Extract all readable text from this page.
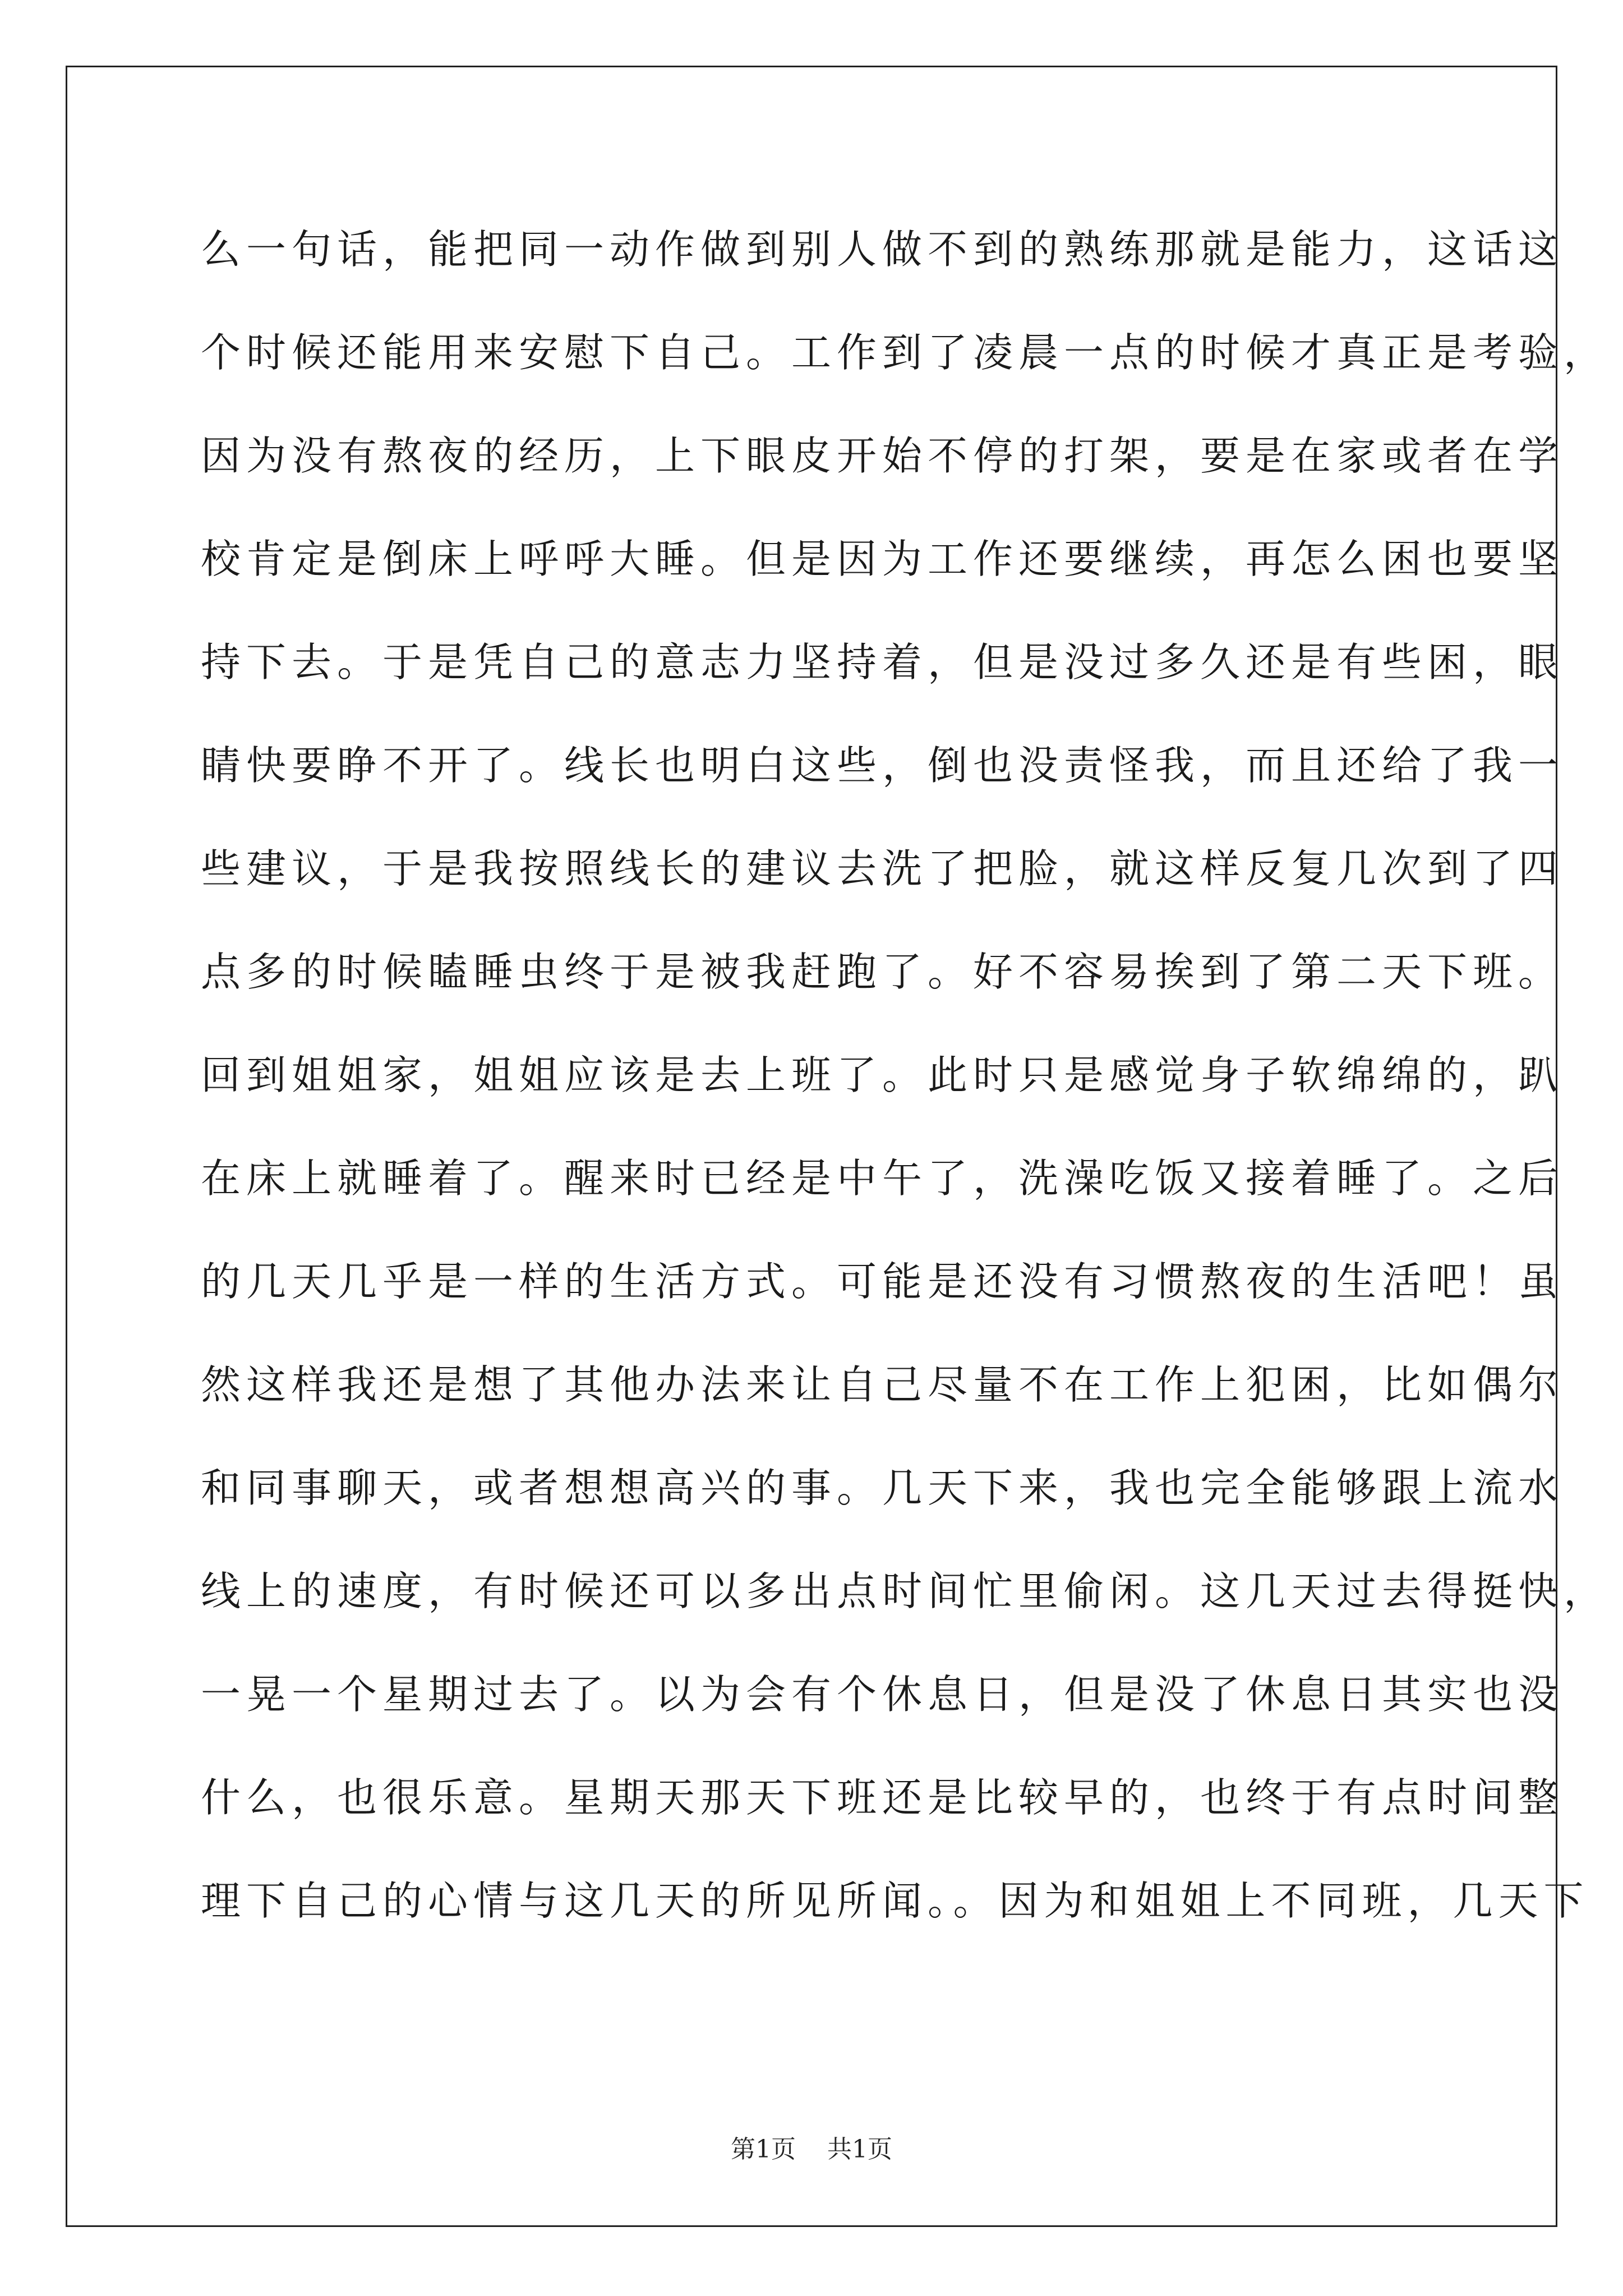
么一句话，能把同一动作做到别人做不到的熟练那就是能力，这话这
个时候还能用来安慰下自己。工作到了凌晨一点的时候才真正是考验，
因为没有熬夜的经历，上下眼皮开始不停的打架，要是在家或者在学
校肯定是倒床上呼呼大睡。但是因为工作还要继续，再怎么困也要坚
持下去。于是凭自己的意志力坚持着，但是没过多久还是有些困，眼
睛快要睁不开了。线长也明白这些，倒也没责怪我，而且还给了我一
些建议，于是我按照线长的建议去洗了把脸，就这样反复几次到了四
点多的时候瞌睡虫终于是被我赶跑了。好不容易挨到了第二天下班。
回到姐姐家，姐姐应该是去上班了。此时只是感觉身子软绵绵的，趴
在床上就睡着了。醒来时已经是中午了，洗澡吃饭又接着睡了。之后
的几天几乎是一样的生活方式。可能是还没有习惯熬夜的生活吧！虽
然这样我还是想了其他办法来让自己尽量不在工作上犯困，比如偶尔
和同事聊天，或者想想高兴的事。几天下来，我也完全能够跟上流水
线上的速度，有时候还可以多出点时间忙里偷闲。这几天过去得挺快，
一晃一个星期过去了。以为会有个休息日，但是没了休息日其实也没
什么，也很乐意。星期天那天下班还是比较早的，也终于有点时间整
理下自己的心情与这几天的所见所闻。。因为和姐姐上不同班，几天下
第1页 共1页
